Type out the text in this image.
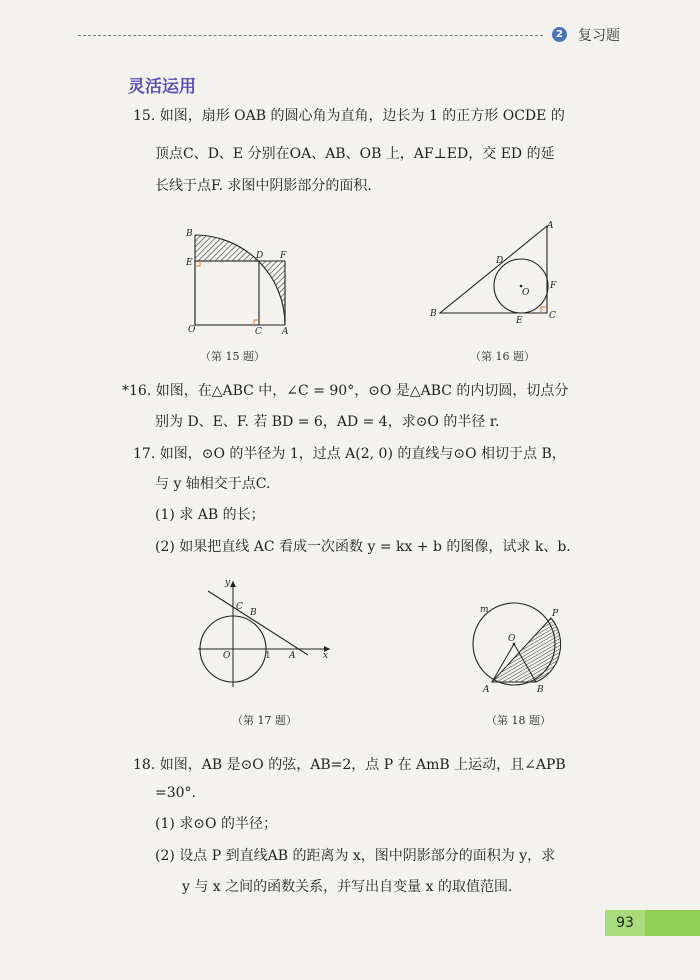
2 复习题
灵活运用
15. 如图，扇形 OAB 的圆心角为直角，边长为 1 的正方形 OCDE 的
顶点C、D、E 分别在OA、AB、OB 上，AF⊥ED，交 ED 的延
长线于点F. 求图中阴影部分的面积.
B
E
D F
O	C A
（第 15 题）
A
D
O
F
B
E	C
（第 16 题）
*16. 如图，在△ABC 中，∠C = 90°，⊙O 是△ABC 的内切圆，切点分
别为 D、E、F. 若 BD = 6，AD = 4，求⊙O 的半径 r.
17. 如图，⊙O 的半径为 1，过点 A(2, 0) 的直线与⊙O 相切于点 B，
与 y 轴相交于点C.
(1) 求 AB 的长；
(2) 如果把直线 AC 看成一次函数 y = kx + b 的图像，试求 k、b.
y
C
B
O	1 A	x
（第 17 题）
m	P
O
A	B
（第 18 题）
18. 如图，AB 是⊙O 的弦，AB=2，点 P 在 AmB 上运动，且∠APB
=30°.
(1) 求⊙O 的半径；
(2) 设点 P 到直线AB 的距离为 x，图中阴影部分的面积为 y，求
y 与 x 之间的函数关系，并写出自变量 x 的取值范围.
93
